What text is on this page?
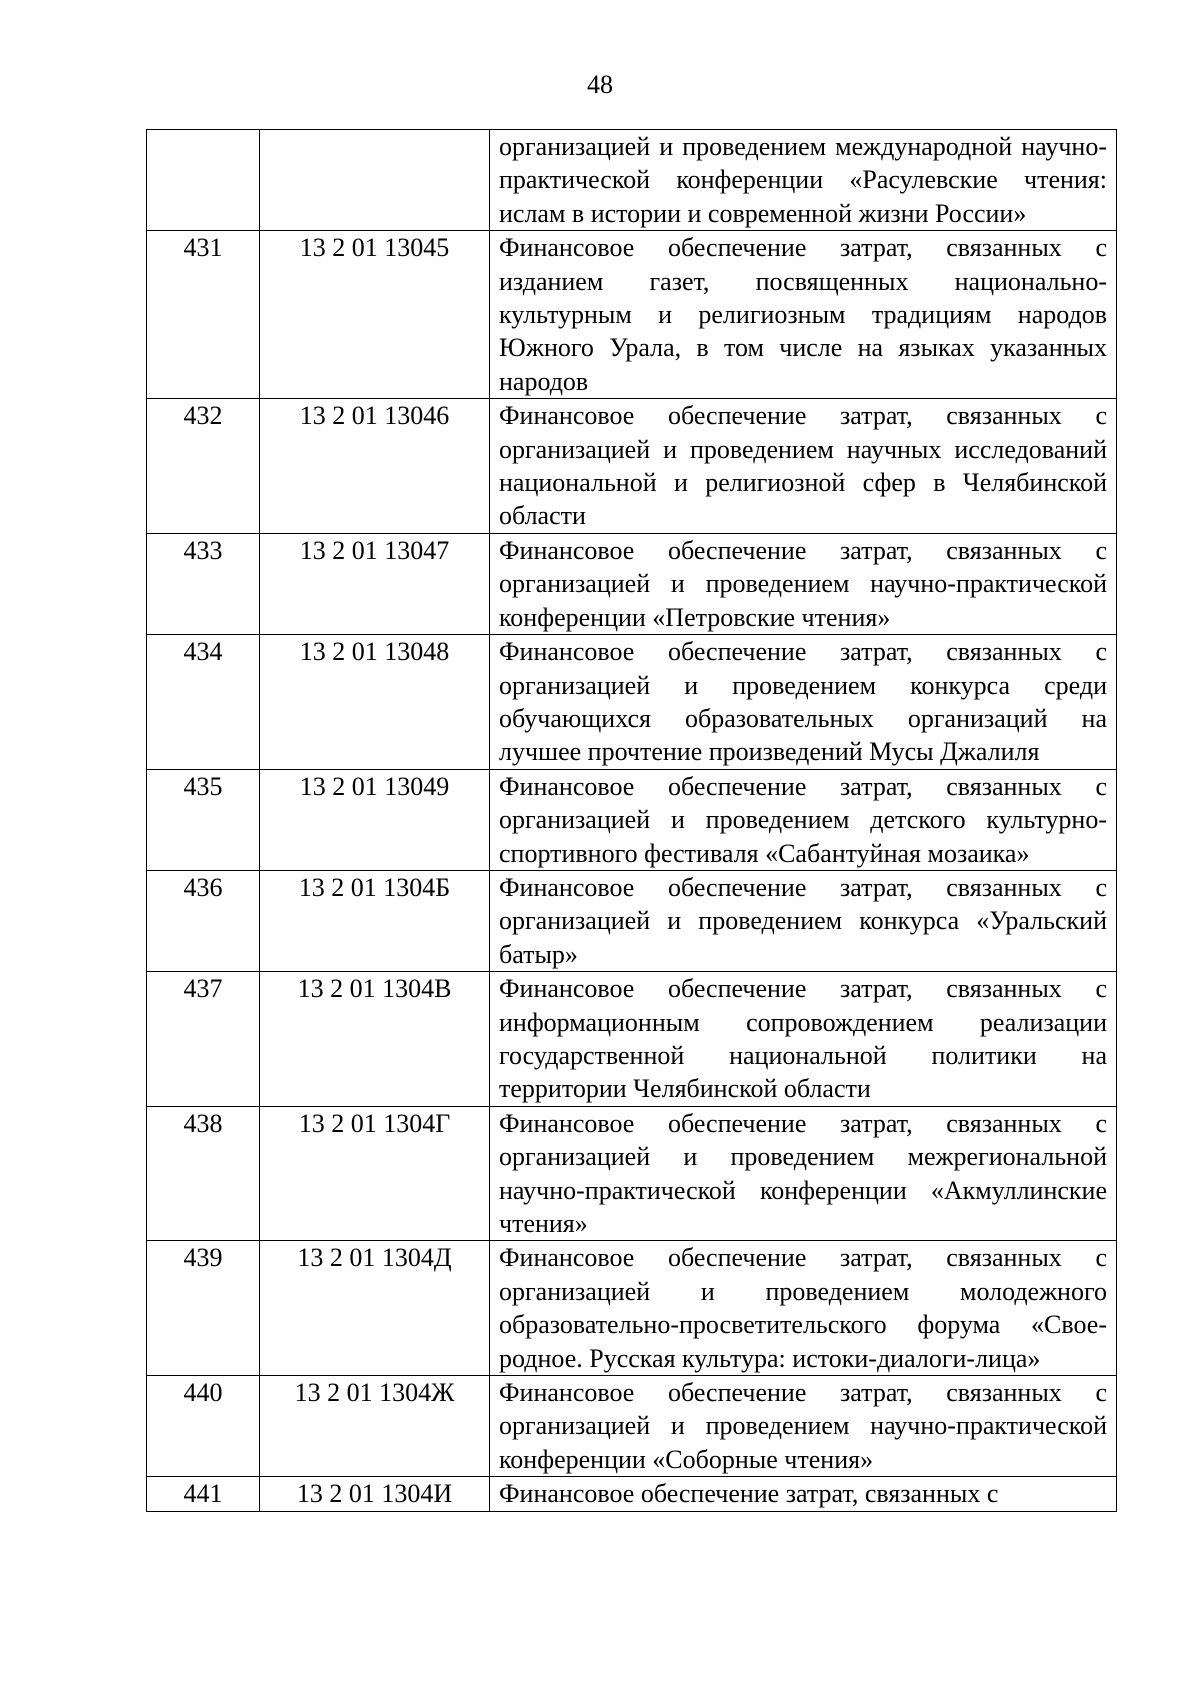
48
		организацией и проведением международной научно-практической конференции «Расулевские чтения: ислам в истории и современной жизни России»
431	13 2 01 13045	Финансовое обеспечение затрат, связанных с изданием газет, посвященных национально-культурным и религиозным традициям народов Южного Урала, в том числе на языках указанных народов
432	13 2 01 13046	Финансовое обеспечение затрат, связанных с организацией и проведением научных исследований национальной и религиозной сфер в Челябинской области
433	13 2 01 13047	Финансовое обеспечение затрат, связанных с организацией и проведением научно-практической конференции «Петровские чтения»
434	13 2 01 13048	Финансовое обеспечение затрат, связанных с организацией и проведением конкурса среди обучающихся образовательных организаций на лучшее прочтение произведений Мусы Джалиля
435	13 2 01 13049	Финансовое обеспечение затрат, связанных с организацией и проведением детского культурно-спортивного фестиваля «Сабантуйная мозаика»
436	13 2 01 1304Б	Финансовое обеспечение затрат, связанных с организацией и проведением конкурса «Уральский батыр»
437	13 2 01 1304В	Финансовое обеспечение затрат, связанных с информационным сопровождением реализации государственной национальной политики на территории Челябинской области
438	13 2 01 1304Г	Финансовое обеспечение затрат, связанных с организацией и проведением межрегиональной научно-практической конференции «Акмуллинские чтения»
439	13 2 01 1304Д	Финансовое обеспечение затрат, связанных с организацией и проведением молодежного образовательно-просветительского форума «Свое-родное. Русская культура: истоки-диалоги-лица»
440	13 2 01 1304Ж	Финансовое обеспечение затрат, связанных с организацией и проведением научно-практической конференции «Соборные чтения»
441	13 2 01 1304И	Финансовое обеспечение затрат, связанных с
